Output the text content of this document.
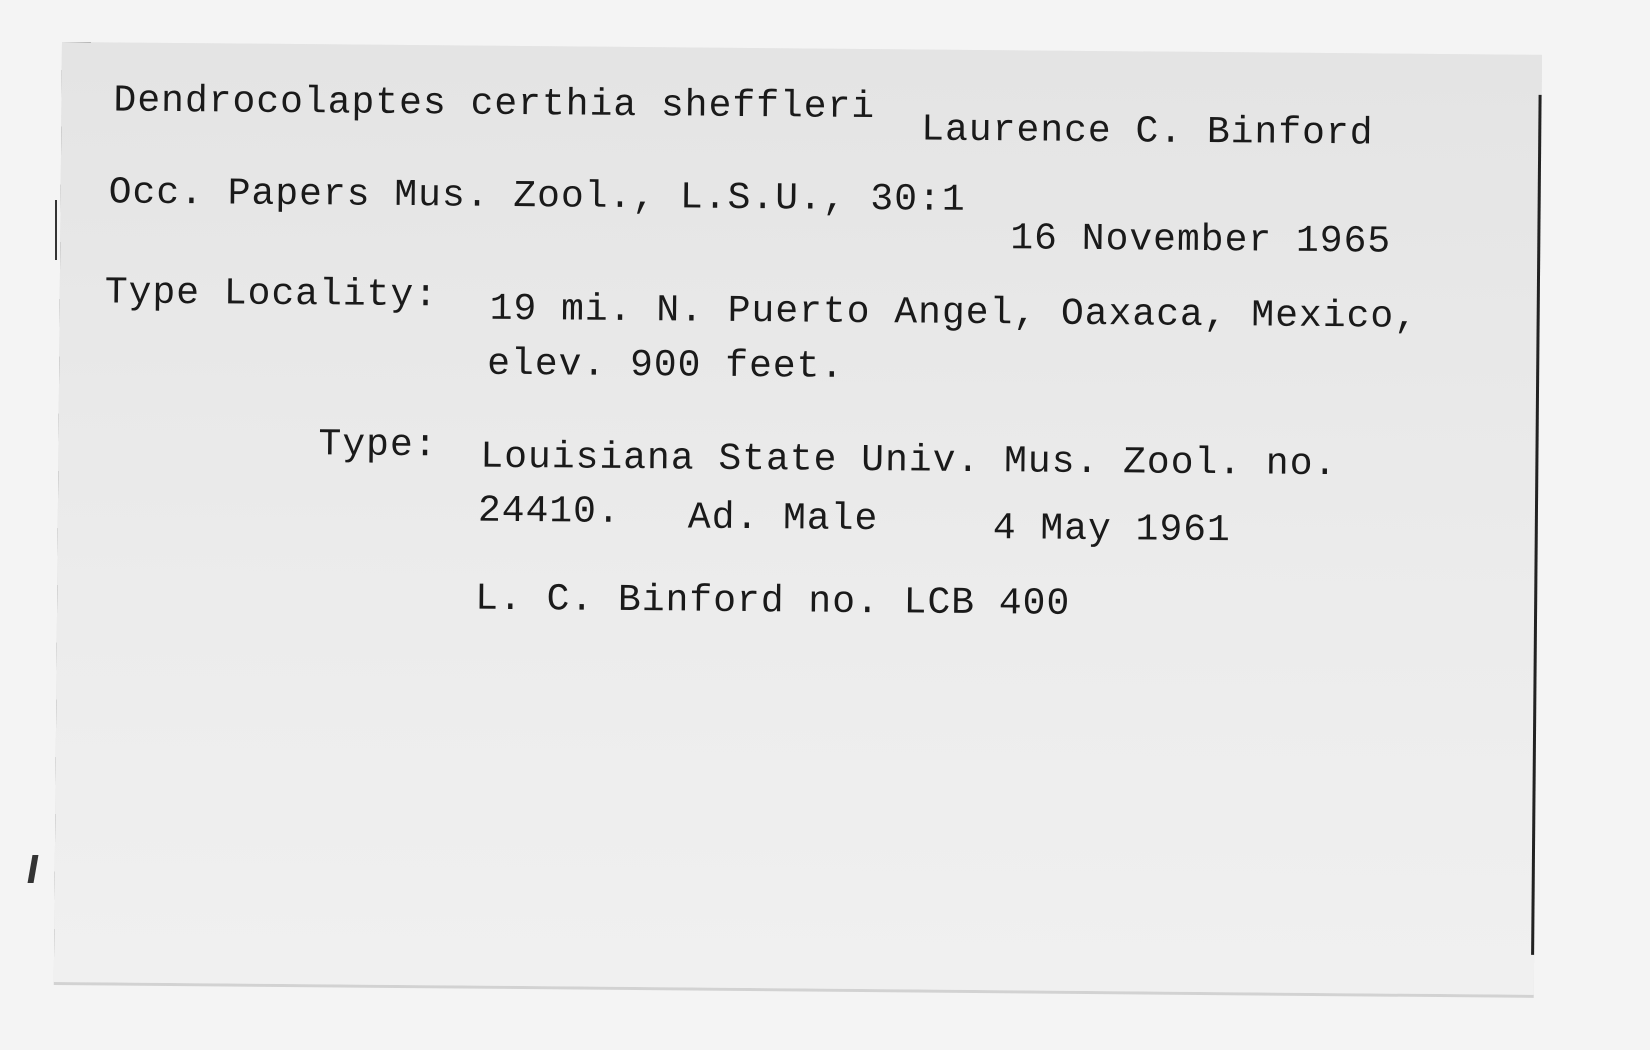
Dendrocolaptes certhia sheffleri
Laurence C. Binford
Occ. Papers Mus. Zool., L.S.U., 30:1
16 November 1965
Type Locality: 19 mi. N. Puerto Angel, Oaxaca, Mexico,
elev. 900 feet.
Type: Louisiana State Univ. Mus. Zool. no.
24410. Ad. Male	4 May 1961
L. C. Binford no. LCB 400
